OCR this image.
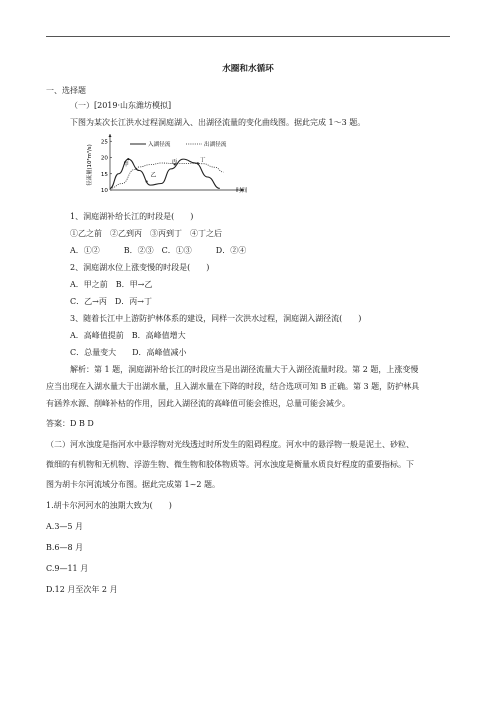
水圈和水循环
一、选择题
（一）[2019·山东潍坊模拟]
下图为某次长江洪水过程洞庭湖入、出湖径流量的变化曲线图。据此完成 1～3 题。
10
15
20
25
甲
乙
丙	丁
入湖径流	出湖径流
径流量(10³m³/s)
时间
1、洞庭湖补给长江的时段是(　　)
①乙之前　②乙到丙　③丙到丁　④丁之后
A．①②　　　B．②③　C．①③　　　D．②④
2、洞庭湖水位上涨变慢的时段是(　　)
A．甲之前　B．甲→乙
C．乙→丙　D．丙→丁
3、随着长江中上游防护林体系的建设，同样一次洪水过程，洞庭湖入湖径流(　　)
A．高峰值提前　B．高峰值增大
C．总量变大　　D．高峰值减小
解析：第 1 题，洞庭湖补给长江的时段应当是出湖径流量大于入湖径流量时段。第 2 题，上涨变慢
应当出现在入湖水量大于出湖水量，且入湖水量在下降的时段，结合选项可知 B 正确。第 3 题，防护林具
有涵养水源、削峰补枯的作用，因此入湖径流的高峰值可能会推迟，总量可能会减少。
答案：D B D
（二）河水浊度是指河水中悬浮物对光线透过时所发生的阻碍程度。河水中的悬浮物一般是泥土、砂粒、
微细的有机物和无机物、浮游生物、微生物和胶体物质等。河水浊度是衡量水质良好程度的重要指标。下
图为胡卡尔河流域分布图。据此完成第 1~2 题。
1.胡卡尔河河水的浊期大致为(　　)
A.3—5 月
B.6—8 月
C.9—11 月
D.12 月至次年 2 月
